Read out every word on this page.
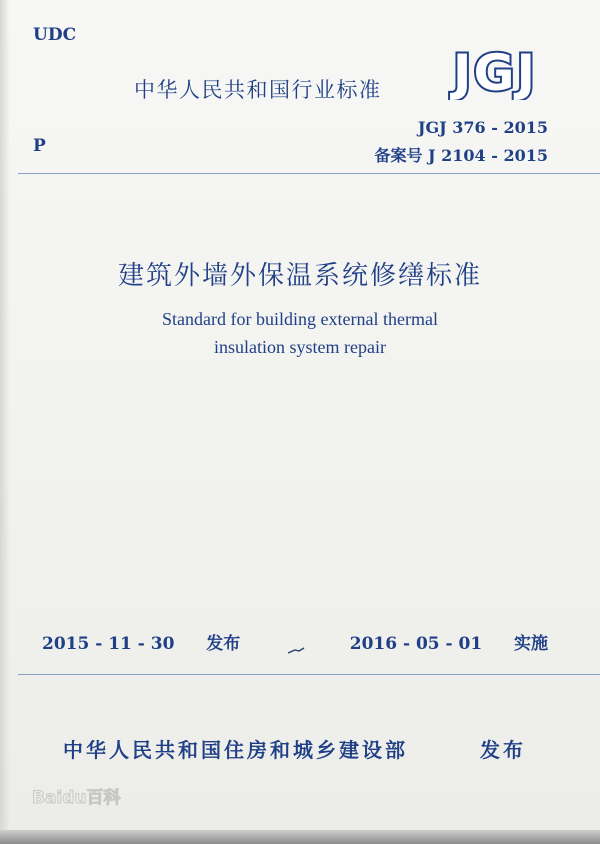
UDC
中华人民共和国行业标准 JGJ
P
JGJ 376 - 2015
备案号 J 2104 - 2015
建筑外墙外保温系统修缮标准
Standard for building external thermal
insulation system repair
2015 - 11 - 30 发布	2016 - 05 - 01 实施
中华人民共和国住房和城乡建设部	发布
Baidu百科
